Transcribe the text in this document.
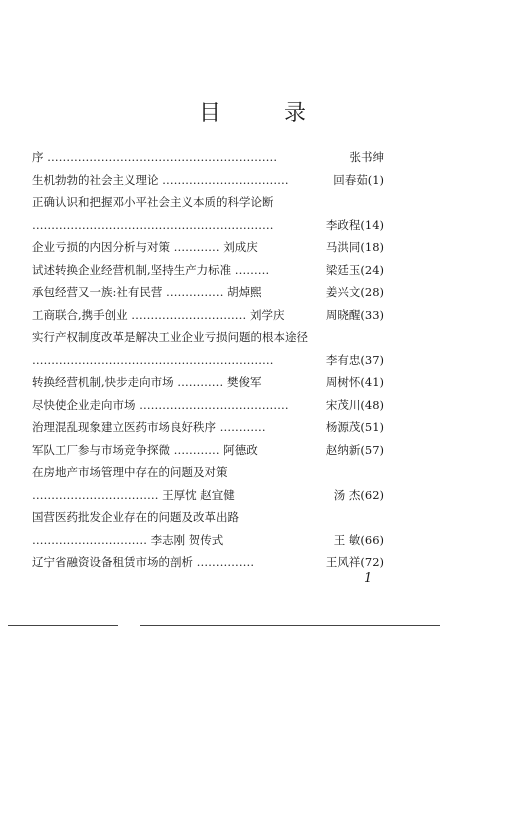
目 录
序 ……………………………………………………	张书绅
生机勃勃的社会主义理论 ……………………………	回春茹(1)
正确认识和把握邓小平社会主义本质的科学论断
………………………………………………………	李政程(14)
企业亏损的内因分析与对策 ………… 刘成庆	马洪同(18)
试述转换企业经营机制,坚持生产力标准 ………	梁廷玉(24)
承包经营又一族:社有民营 …………… 胡焯熙	姜兴文(28)
工商联合,携手创业 ………………………… 刘学庆	周晓醒(33)
实行产权制度改革是解决工业企业亏损问题的根本途径
………………………………………………………	李有忠(37)
转换经营机制,快步走向市场 ………… 樊俊军	周树怀(41)
尽快使企业走向市场 …………………………………	宋茂川(48)
治理混乱现象建立医药市场良好秩序 …………	杨源茂(51)
军队工厂参与市场竞争探微 ………… 阿德政	赵纳新(57)
在房地产市场管理中存在的问题及对策
…………………………… 王厚忱 赵宜健	汤 杰(62)
国营医药批发企业存在的问题及改革出路
………………………… 李志刚 贺传式	王 敏(66)
辽宁省融资设备租赁市场的剖析 ……………	王风祥(72)
1
